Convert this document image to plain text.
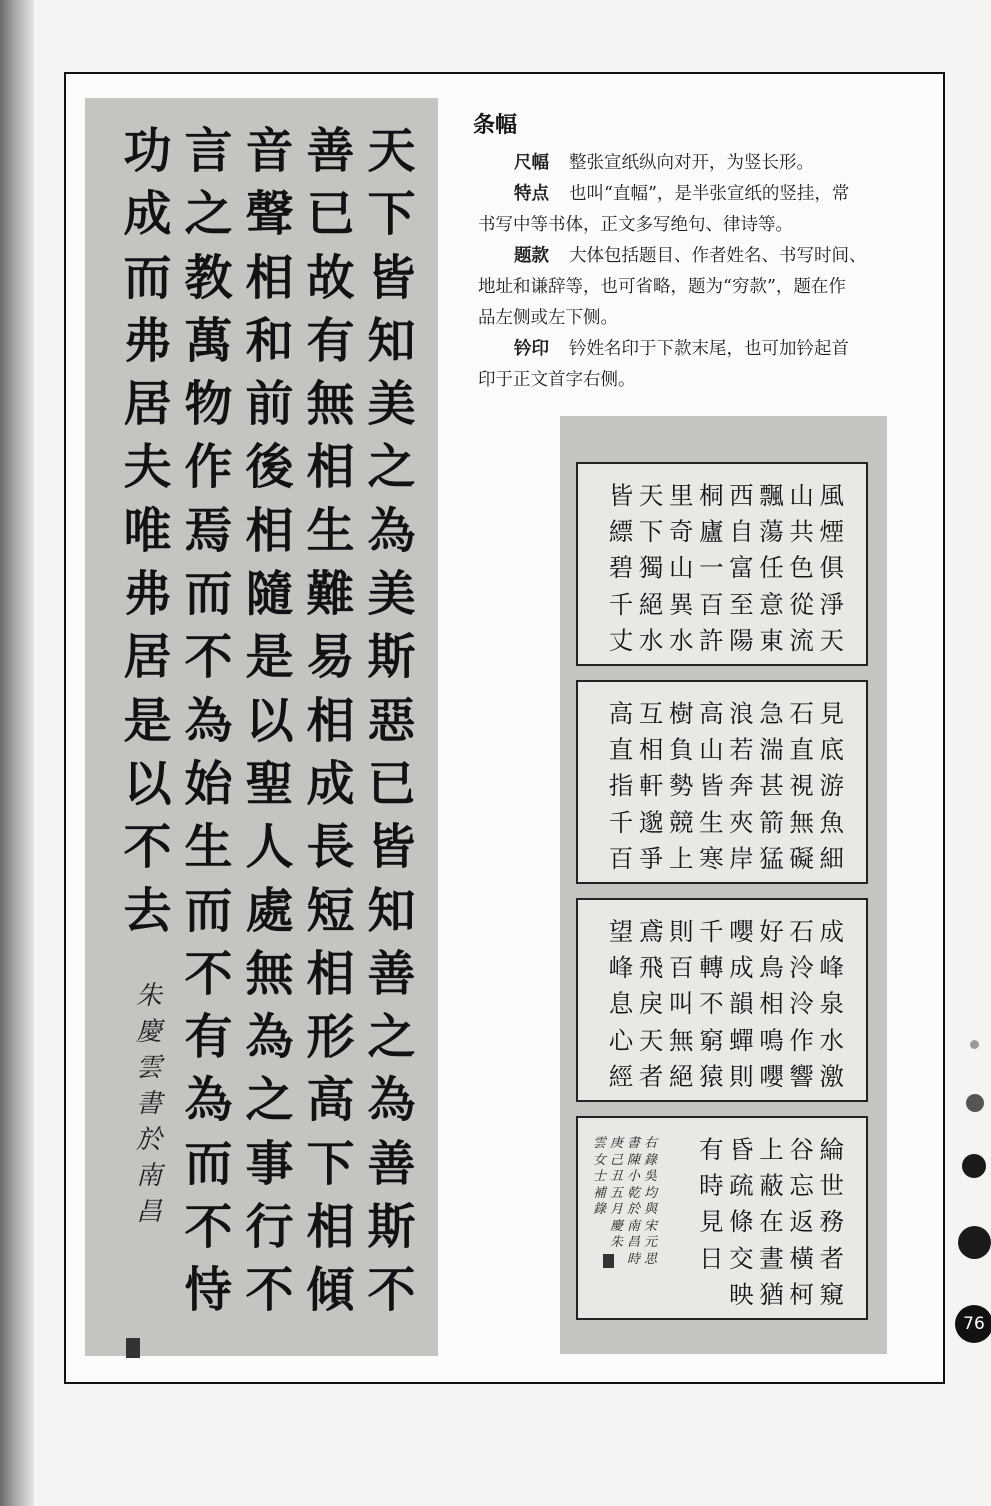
天
下
皆
知
美
之
為
美
斯
惡
已
皆
知
善
之
為
善
斯
不
善
已
故
有
無
相
生
難
易
相
成
長
短
相
形
高
下
相
傾
音
聲
相
和
前
後
相
隨
是
以
聖
人
處
無
為
之
事
行
不
言
之
教
萬
物
作
焉
而
不
為
始
生
而
不
有
為
而
不
恃
功
成
而
弗
居
夫
唯
弗
居
是
以
不
去
朱
慶
雲
書
於
南
昌
条幅
尺幅 整张宣纸纵向对开，为竖长形。
特点 也叫“直幅”，是半张宣纸的竖挂，常
书写中等书体，正文多写绝句、律诗等。
题款 大体包括题目、作者姓名、书写时间、
地址和谦辞等，也可省略，题为“穷款”，题在作
品左侧或左下侧。
钤印 钤姓名印于下款末尾，也可加钤起首
印于正文首字右侧。
風
煙
俱
淨
天
山
共
色
從
流
飄
蕩
任
意
東
西
自
富
至
陽
桐
廬
一
百
許
里
奇
山
異
水
天
下
獨
絕
水
皆
縹
碧
千
丈
見
底
游
魚
細
石
直
視
無
礙
急
湍
甚
箭
猛
浪
若
奔
夾
岸
高
山
皆
生
寒
樹
負
勢
競
上
互
相
軒
邈
爭
高
直
指
千
百
成
峰
泉
水
激
石
泠
泠
作
響
好
鳥
相
鳴
嚶
嚶
成
韻
蟬
則
千
轉
不
窮
猿
則
百
叫
無
絕
鳶
飛
戾
天
者
望
峰
息
心
經
綸
世
務
者
窺
谷
忘
返
橫
柯
上
蔽
在
晝
猶
昏
疏
條
交
映
有
時
見
日
右
錄
吳
均
與
宋
元
思
書
陳
小
乾
於
南
昌
時
庚
己
丑
五
月
慶
朱
雲
女
士
補
錄
76
